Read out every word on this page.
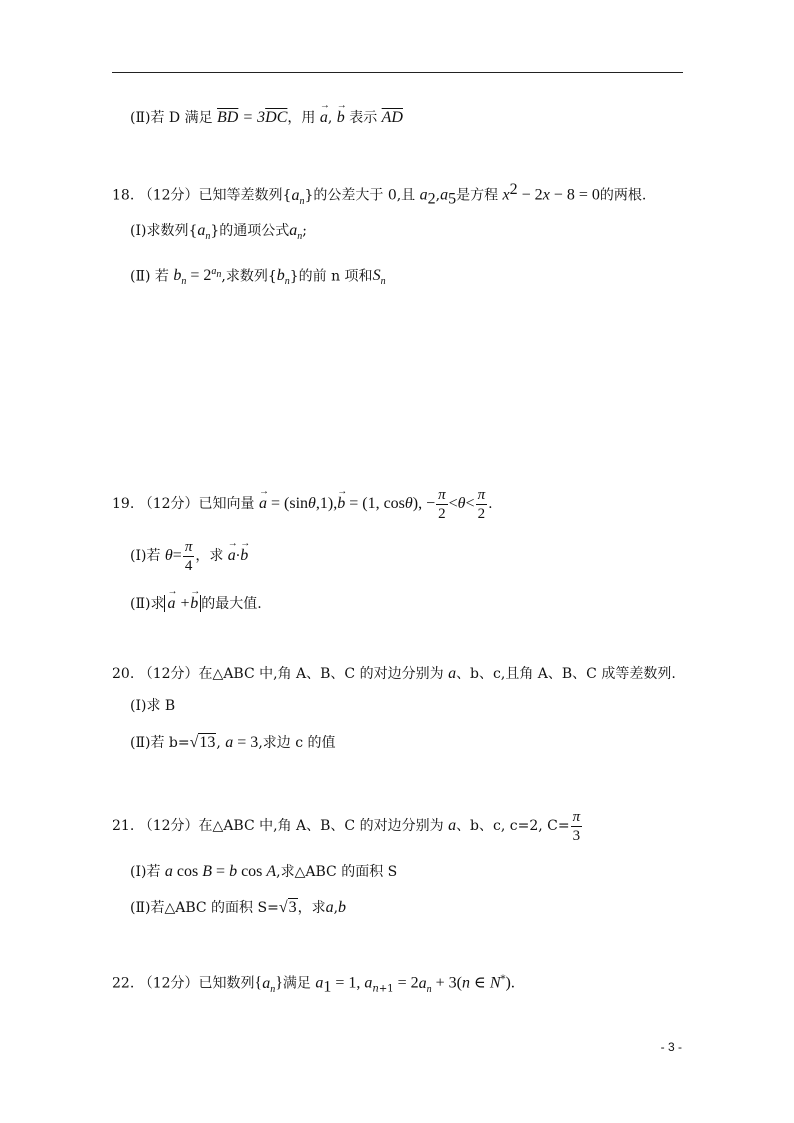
(Ⅱ)若 D 满足 $\overline{BD} = 3\overline{DC}$，用 → a, → b 表示 $\overline{AD}$
18. （12分）已知等差数列$\{a_n\}$的公差大于 0,且 $a_2,a_5$是方程 $x^2 - 2x - 8 = 0$的两根.
(Ⅰ)求数列$\{a_n\}$的通项公式$a_n$;
(Ⅱ) 若 $b_n = 2^{a_n}$,求数列$\{b_n\}$的前 n 项和$S_n$
19. （12分）已知向量 → a = (sinθ,1),→ b = (1, cosθ), − $\frac{\pi}{2} <\theta< \frac{\pi}{2}$ .
(Ⅰ)若 $\theta= \frac{\pi}{4}$ ，求 → a·→ b
(Ⅱ)求 → a +→ b 的最大值.
20. （12分）在△ABC 中,角 A、B、C 的对边分别为 a、b、c,且角 A、B、C 成等差数列.
(Ⅰ)求 B
(Ⅱ)若 b=√13, a = 3,求边 c 的值
21. （12分）在△ABC 中,角 A、B、C 的对边分别为 a、b、c, c=2, $C= \frac{\pi}{3}$
(Ⅰ)若 a cos B = b cos A,求△ABC 的面积 S
(Ⅱ)若△ABC 的面积 S=√3，求a,b
22. （12分）已知数列$\{a_n\}$满足 $a_1 = 1$, $a_{n+1} = 2a_n + 3(n$ ∈ N*).
- 3 -
